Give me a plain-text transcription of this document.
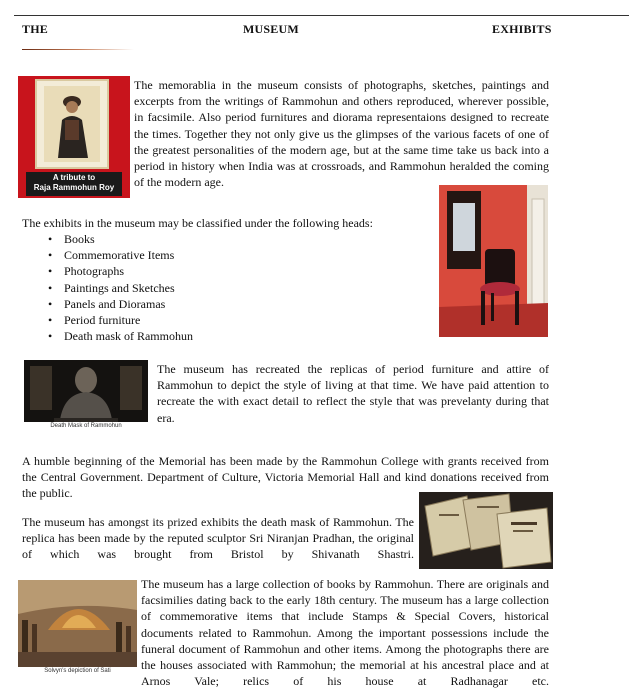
THE	MUSEUM	EXHIBITS
A tribute to
Raja Rammohun Roy

The memorablia in the museum consists of photographs, sketches, paintings and excerpts from the writings of Rammohun and others reproduced, wherever possible, in facsimile. Also period furnitures and diorama representaions designed to recreate the times. Together they not only give us the glimpses of the various facets of one of the greatest personalities of the modern age, but at the same time take us back into a period in history when India was at crossroads, and Rammohun heralded the coming of the modern age.

The exhibits in the museum may be classified under the following heads:

• Books
• Commemorative Items
• Photographs
• Paintings and Sketches
• Panels and Dioramas
• Period furniture
• Death mask of Rammohun
Death Mask of Rammohun

The museum has recreated the replicas of period furniture and attire of Rammohun to depict the style of living at that time. We have paid attention to recreate the with exact detail to reflect the style that was prevelanty during that era.

A humble beginning of the Memorial has been made by the Rammohun College with grants received from the Central Government. Department of Culture, Victoria Memorial Hall and kind donations received from the public.

The museum has amongst its prized exhibits the death mask of Rammohun. The replica has been made by the reputed sculptor Sri Niranjan Pradhan, the original of which was brought from Bristol by Shivanath Shastri.

Solvyn's depiction of Sati

The museum has a large collection of books by Rammohun. There are originals and facsimilies dating back to the early 18th century. The museum has a large collection of commemorative items that include Stamps & Special Covers, historical documents related to Rammohun. Among the important possessions include the funeral document of Rammohun and other items. Among the photographs there are the houses associated with Rammohun; the memorial at his ancestral place and at Arnos Vale; relics of his house at Radhanagar etc.
